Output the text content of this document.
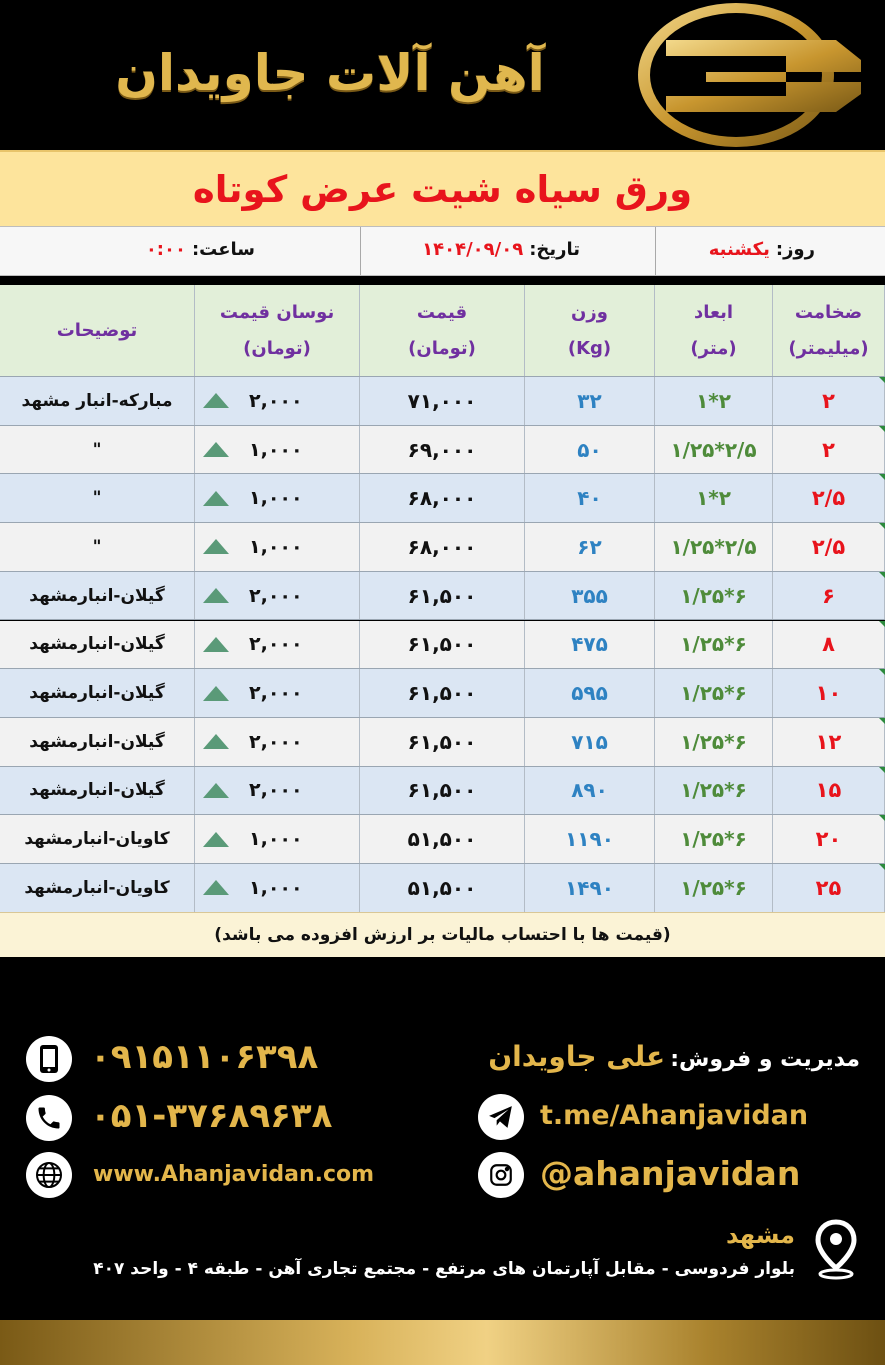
آهن آلات جاویدان
ورق سیاه شیت عرض کوتاه
روز:یکشنبه
تاریخ:۱۴۰۴/۰۹/۰۹
ساعت:۰:۰۰
ضخامت
(میلیمتر)
ابعاد
(متر)
وزن
(Kg)
قیمت
(تومان)
نوسان قیمت
(تومان)
توضیحات
۲
۱*۲
۳۲
۷۱,۰۰۰
۲,۰۰۰
مبارکه-انبار مشهد
۲
۱/۲۵*۲/۵
۵۰
۶۹,۰۰۰
۱,۰۰۰
"
۲/۵
۱*۲
۴۰
۶۸,۰۰۰
۱,۰۰۰
"
۲/۵
۱/۲۵*۲/۵
۶۲
۶۸,۰۰۰
۱,۰۰۰
"
۶
۱/۲۵*۶
۳۵۵
۶۱,۵۰۰
۲,۰۰۰
گیلان-انبارمشهد
۸
۱/۲۵*۶
۴۷۵
۶۱,۵۰۰
۲,۰۰۰
گیلان-انبارمشهد
۱۰
۱/۲۵*۶
۵۹۵
۶۱,۵۰۰
۲,۰۰۰
گیلان-انبارمشهد
۱۲
۱/۲۵*۶
۷۱۵
۶۱,۵۰۰
۲,۰۰۰
گیلان-انبارمشهد
۱۵
۱/۲۵*۶
۸۹۰
۶۱,۵۰۰
۲,۰۰۰
گیلان-انبارمشهد
۲۰
۱/۲۵*۶
۱۱۹۰
۵۱,۵۰۰
۱,۰۰۰
کاویان-انبارمشهد
۲۵
۱/۲۵*۶
۱۴۹۰
۵۱,۵۰۰
۱,۰۰۰
کاویان-انبارمشهد
(قیمت ها با احتساب مالیات بر ارزش افزوده می باشد)
۰۹۱۵۱۱۰۶۳۹۸
۰۵۱-۳۷۶۸۹۶۳۸
www.Ahanjavidan.com
مدیریت و فروش: علی جاویدان
t.me/Ahanjavidan
@ahanjavidan
مشهد
بلوار فردوسی - مقابل آپارتمان های مرتفع - مجتمع تجاری آهن - طبقه ۴ - واحد ۴۰۷
